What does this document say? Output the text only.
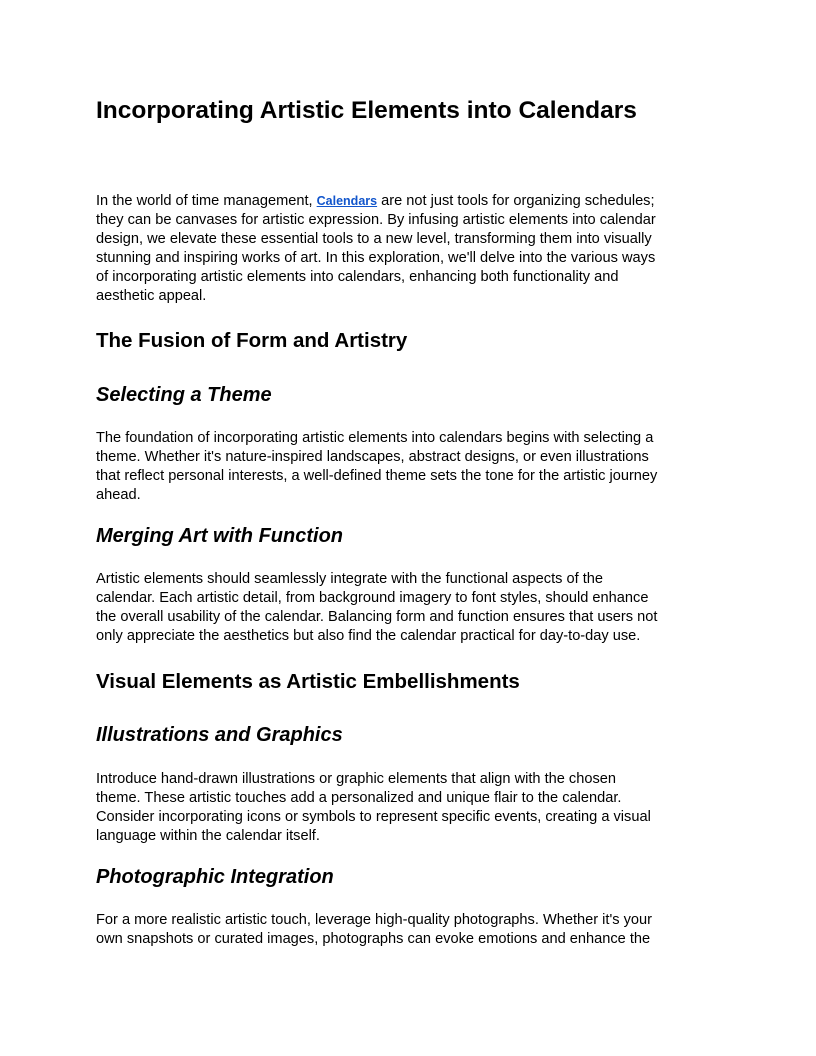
Incorporating Artistic Elements into Calendars

In the world of time management, Calendars are not just tools for organizing schedules;
they can be canvases for artistic expression. By infusing artistic elements into calendar
design, we elevate these essential tools to a new level, transforming them into visually
stunning and inspiring works of art. In this exploration, we'll delve into the various ways
of incorporating artistic elements into calendars, enhancing both functionality and
aesthetic appeal.

The Fusion of Form and Artistry
Selecting a Theme

The foundation of incorporating artistic elements into calendars begins with selecting a
theme. Whether it's nature-inspired landscapes, abstract designs, or even illustrations
that reflect personal interests, a well-defined theme sets the tone for the artistic journey
ahead.

Merging Art with Function

Artistic elements should seamlessly integrate with the functional aspects of the
calendar. Each artistic detail, from background imagery to font styles, should enhance
the overall usability of the calendar. Balancing form and function ensures that users not
only appreciate the aesthetics but also find the calendar practical for day-to-day use.

Visual Elements as Artistic Embellishments
Illustrations and Graphics

Introduce hand-drawn illustrations or graphic elements that align with the chosen
theme. These artistic touches add a personalized and unique flair to the calendar.
Consider incorporating icons or symbols to represent specific events, creating a visual
language within the calendar itself.

Photographic Integration

For a more realistic artistic touch, leverage high-quality photographs. Whether it's your
own snapshots or curated images, photographs can evoke emotions and enhance the
